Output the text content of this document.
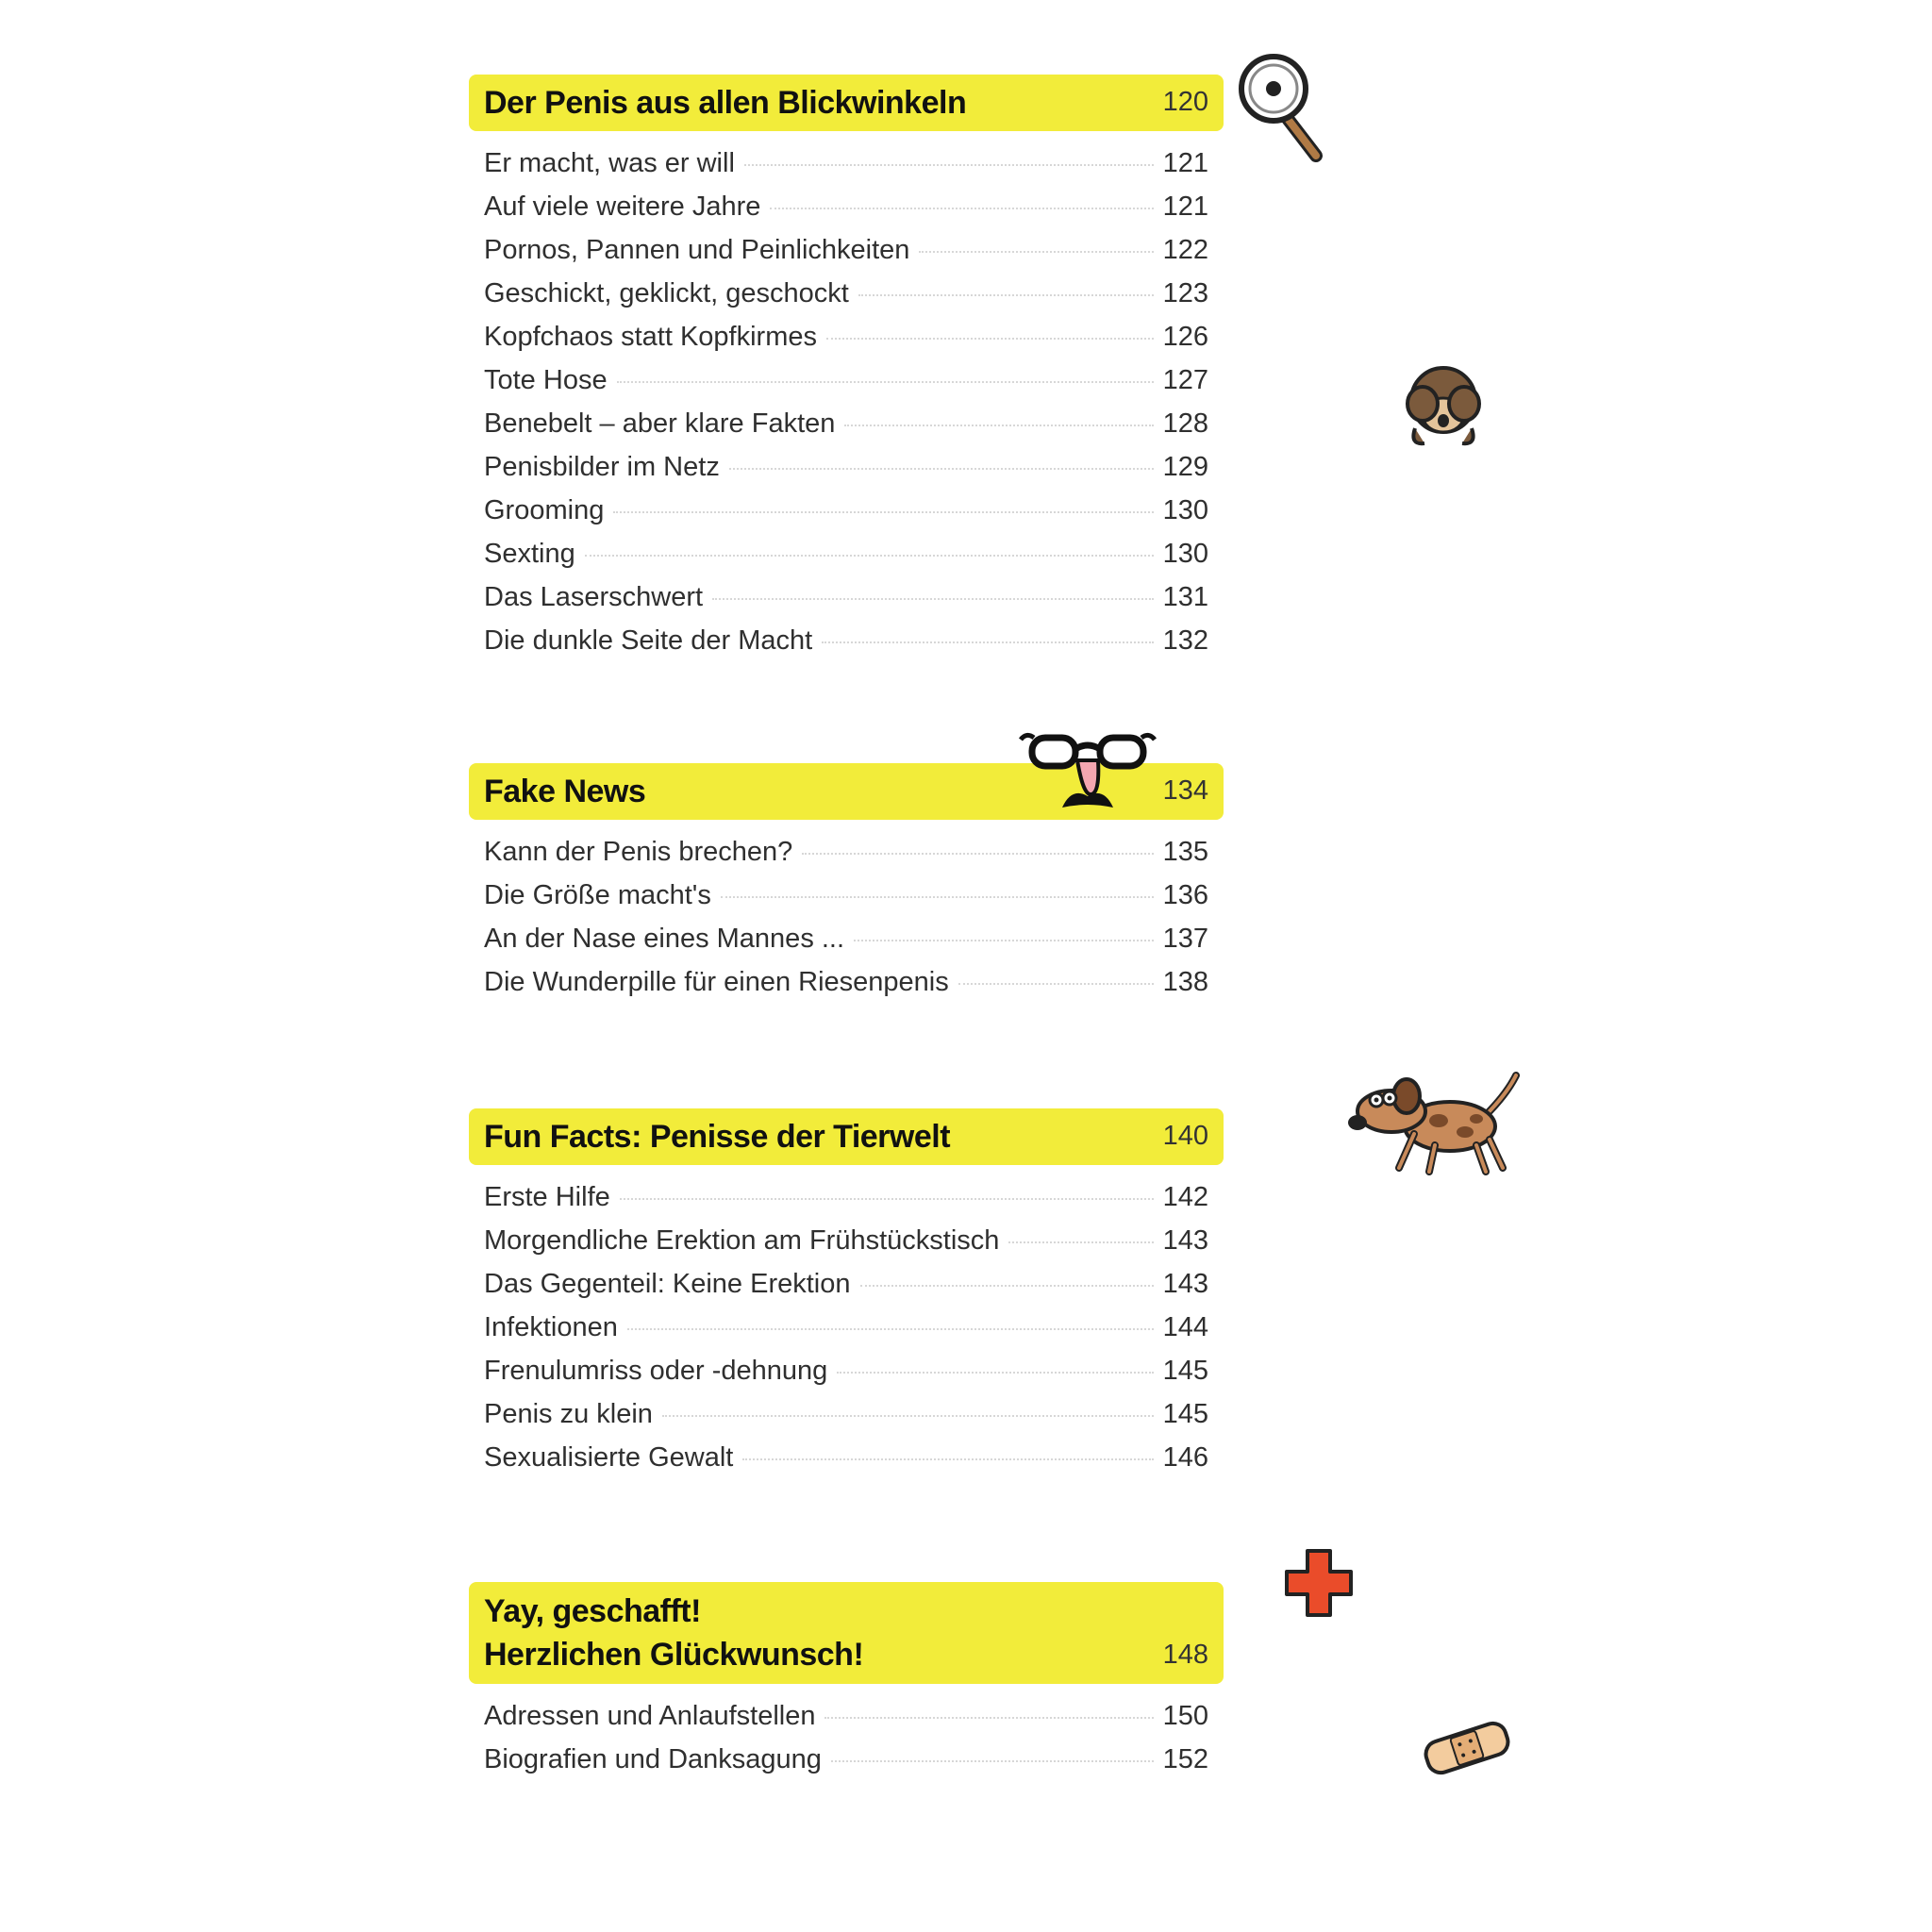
Der Penis aus allen Blickwinkeln	120
Er macht, was er will	121
Auf viele weitere Jahre	121
Pornos, Pannen und Peinlichkeiten	122
Geschickt, geklickt, geschockt	123
Kopfchaos statt Kopfkirmes	126
Tote Hose	127
Benebelt – aber klare Fakten	128
Penisbilder im Netz	129
Grooming	130
Sexting	130
Das Laserschwert	131
Die dunkle Seite der Macht	132
Fake News	134
Kann der Penis brechen?	135
Die Größe macht's	136
An der Nase eines Mannes ...	137
Die Wunderpille für einen Riesenpenis	138
Fun Facts: Penisse der Tierwelt	140
Erste Hilfe	142
Morgendliche Erektion am Frühstückstisch	143
Das Gegenteil: Keine Erektion	143
Infektionen	144
Frenulumriss oder -dehnung	145
Penis zu klein	145
Sexualisierte Gewalt	146
Yay, geschafft!
Herzlichen Glückwunsch!	148
Adressen und Anlaufstellen	150
Biografien und Danksagung	152
